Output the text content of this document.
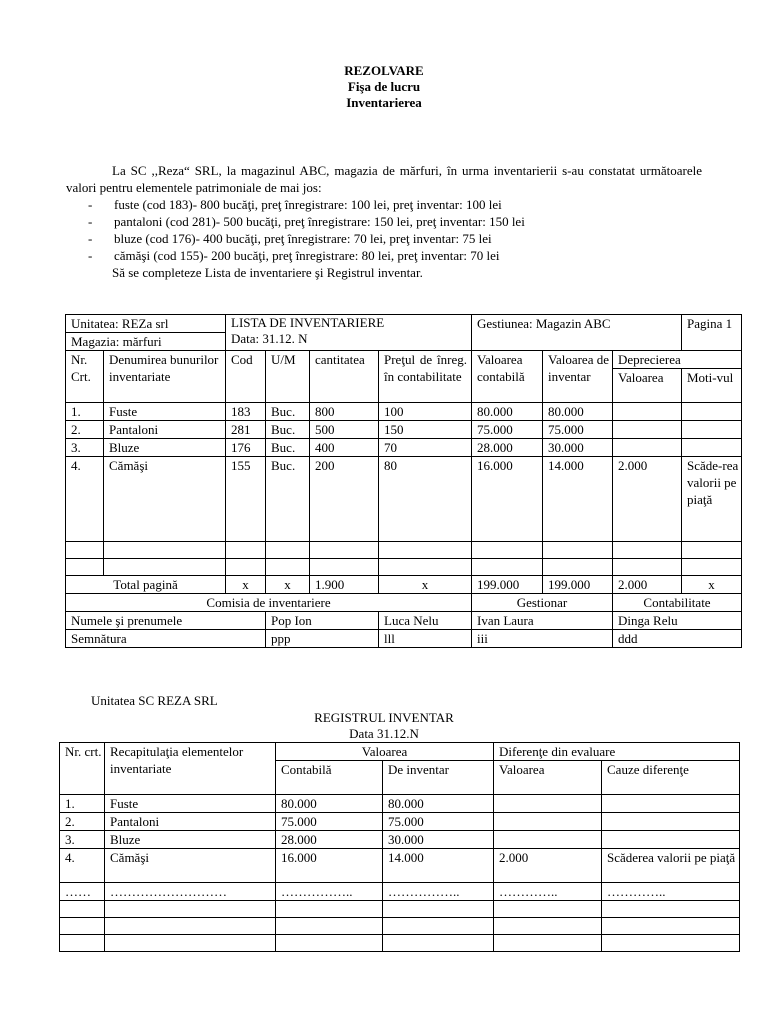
REZOLVARE
Fişa de lucru
Inventarierea

La SC ,,Reza“ SRL, la magazinul ABC, magazia de mărfuri, în urma inventarierii s-au constatat următoarele valori pentru elementele patrimoniale de mai jos:

- fuste (cod 183)- 800 bucăţi, preţ înregistrare: 100 lei, preţ inventar: 100 lei
- pantaloni (cod 281)- 500 bucăţi, preţ înregistrare: 150 lei, preţ inventar: 150 lei
- bluze (cod 176)- 400 bucăţi, preţ înregistrare: 70 lei, preţ inventar: 75 lei
- cămăşi (cod 155)- 200 bucăţi, preţ înregistrare: 80 lei, preţ inventar: 70 lei

Să se completeze Lista de inventariere şi Registrul inventar.

Unitatea: REZa srl		LISTA DE INVENTARIERE
Data: 31.12. N				Gestiunea: Magazin ABC			Pagina 1
Magazia: mărfuri									
Nr. Crt.	Denumirea bunurilor inventariate	Cod	U/M	cantitatea	Preţul de înreg. în contabilitate	Valoarea contabilă	Valoarea de inventar	Deprecierea	
								Valoarea	Moti-vul
1.	Fuste	183	Buc.	800	100	80.000	80.000		
2.	Pantaloni	281	Buc.	500	150	75.000	75.000		
3.	Bluze	176	Buc.	400	70	28.000	30.000		
4.	Cămăşi	155	Buc.	200	80	16.000	14.000	2.000	Scăde-rea valorii pe piaţă

Total pagină		x	x	1.900	x	199.000	199.000	2.000	x
Comisia de inventariere						Gestionar		Contabilitate	
Numele şi prenumele			Pop Ion		Luca Nelu	Ivan Laura		Dinga Relu	
Semnătura			ppp		lll	iii		ddd	
Unitatea SC REZA SRL
REGISTRUL INVENTAR
Data 31.12.N
Nr. crt.	Recapitulaţia elementelor inventariate	Valoarea		Diferenţe din evaluare	
		Contabilă	De inventar	Valoarea	Cauze diferenţe
1.	Fuste	80.000	80.000		
2.	Pantaloni	75.000	75.000		
3.	Bluze	28.000	30.000		
4.	Cămăşi	16.000	14.000	2.000	Scăderea valorii pe piaţă
……	………………………	……………..	……………..	…………..	…………..
